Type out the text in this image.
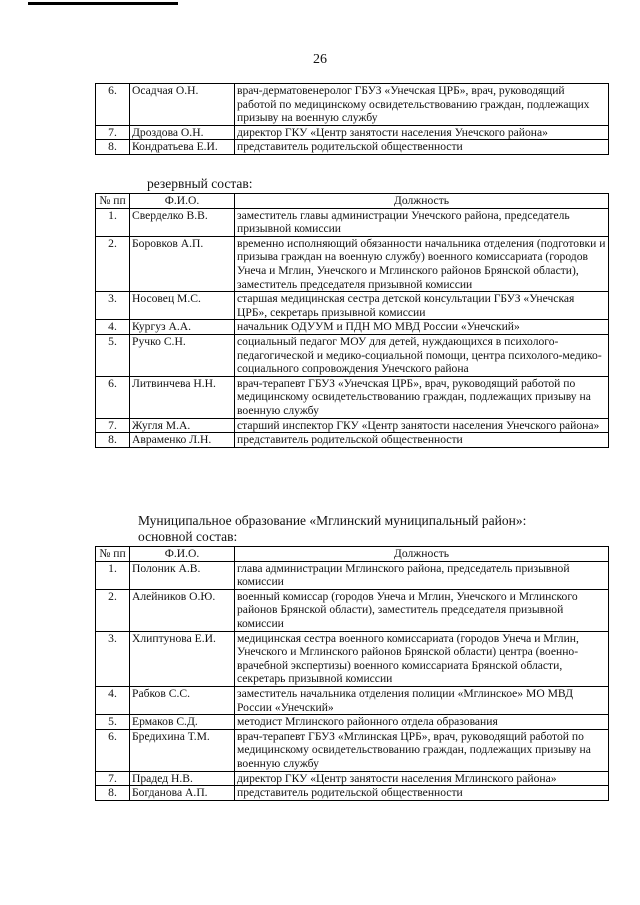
26
6.	Осадчая О.Н.	врач-дерматовенеролог ГБУЗ «Унечская ЦРБ», врач, руководящий работой по медицинскому освидетельствованию граждан, подлежащих призыву на военную службу
7.	Дроздова О.Н.	директор ГКУ «Центр занятости населения Унечского района»
8.	Кондратьева Е.И.	представитель родительской общественности
резервный состав:
№ пп	Ф.И.О.	Должность
1.	Сверделко В.В.	заместитель главы администрации Унечского района, председатель призывной комиссии
2.	Боровков А.П.	временно исполняющий обязанности начальника отделения (подготовки и призыва граждан на военную службу) военного комиссариата (городов Унеча и Мглин, Унечского и Мглинского районов Брянской области), заместитель председателя призывной комиссии
3.	Носовец М.С.	старшая медицинская сестра детской консультации ГБУЗ «Унечская ЦРБ», секретарь призывной комиссии
4.	Кургуз А.А.	начальник ОДУУМ и ПДН МО МВД России «Унечский»
5.	Ручко С.Н.	социальный педагог МОУ для детей, нуждающихся в психолого-педагогической и медико-социальной помощи, центра психолого-медико-социального сопровождения Унечского района
6.	Литвинчева Н.Н.	врач-терапевт ГБУЗ «Унечская ЦРБ», врач, руководящий работой по медицинскому освидетельствованию граждан, подлежащих призыву на военную службу
7.	Жугля М.А.	старший инспектор ГКУ «Центр занятости населения Унечского района»
8.	Авраменко Л.Н.	представитель родительской общественности
Муниципальное образование «Мглинский муниципальный район»:
основной состав:
№ пп	Ф.И.О.	Должность
1.	Полоник А.В.	глава администрации Мглинского района, председатель призывной комиссии
2.	Алейников О.Ю.	военный комиссар (городов Унеча и Мглин, Унечского и Мглинского районов Брянской области), заместитель председателя призывной комиссии
3.	Хлиптунова Е.И.	медицинская сестра военного комиссариата (городов Унеча и Мглин, Унечского и Мглинского районов Брянской области) центра (военно-врачебной экспертизы) военного комиссариата Брянской области, секретарь призывной комиссии
4.	Рабков С.С.	заместитель начальника отделения полиции «Мглинское» МО МВД России «Унечский»
5.	Ермаков С.Д.	методист Мглинского районного отдела образования
6.	Бредихина Т.М.	врач-терапевт ГБУЗ «Мглинская ЦРБ», врач, руководящий работой по медицинскому освидетельствованию граждан, подлежащих призыву на военную службу
7.	Прадед Н.В.	директор ГКУ «Центр занятости населения Мглинского района»
8.	Богданова А.П.	представитель родительской общественности
